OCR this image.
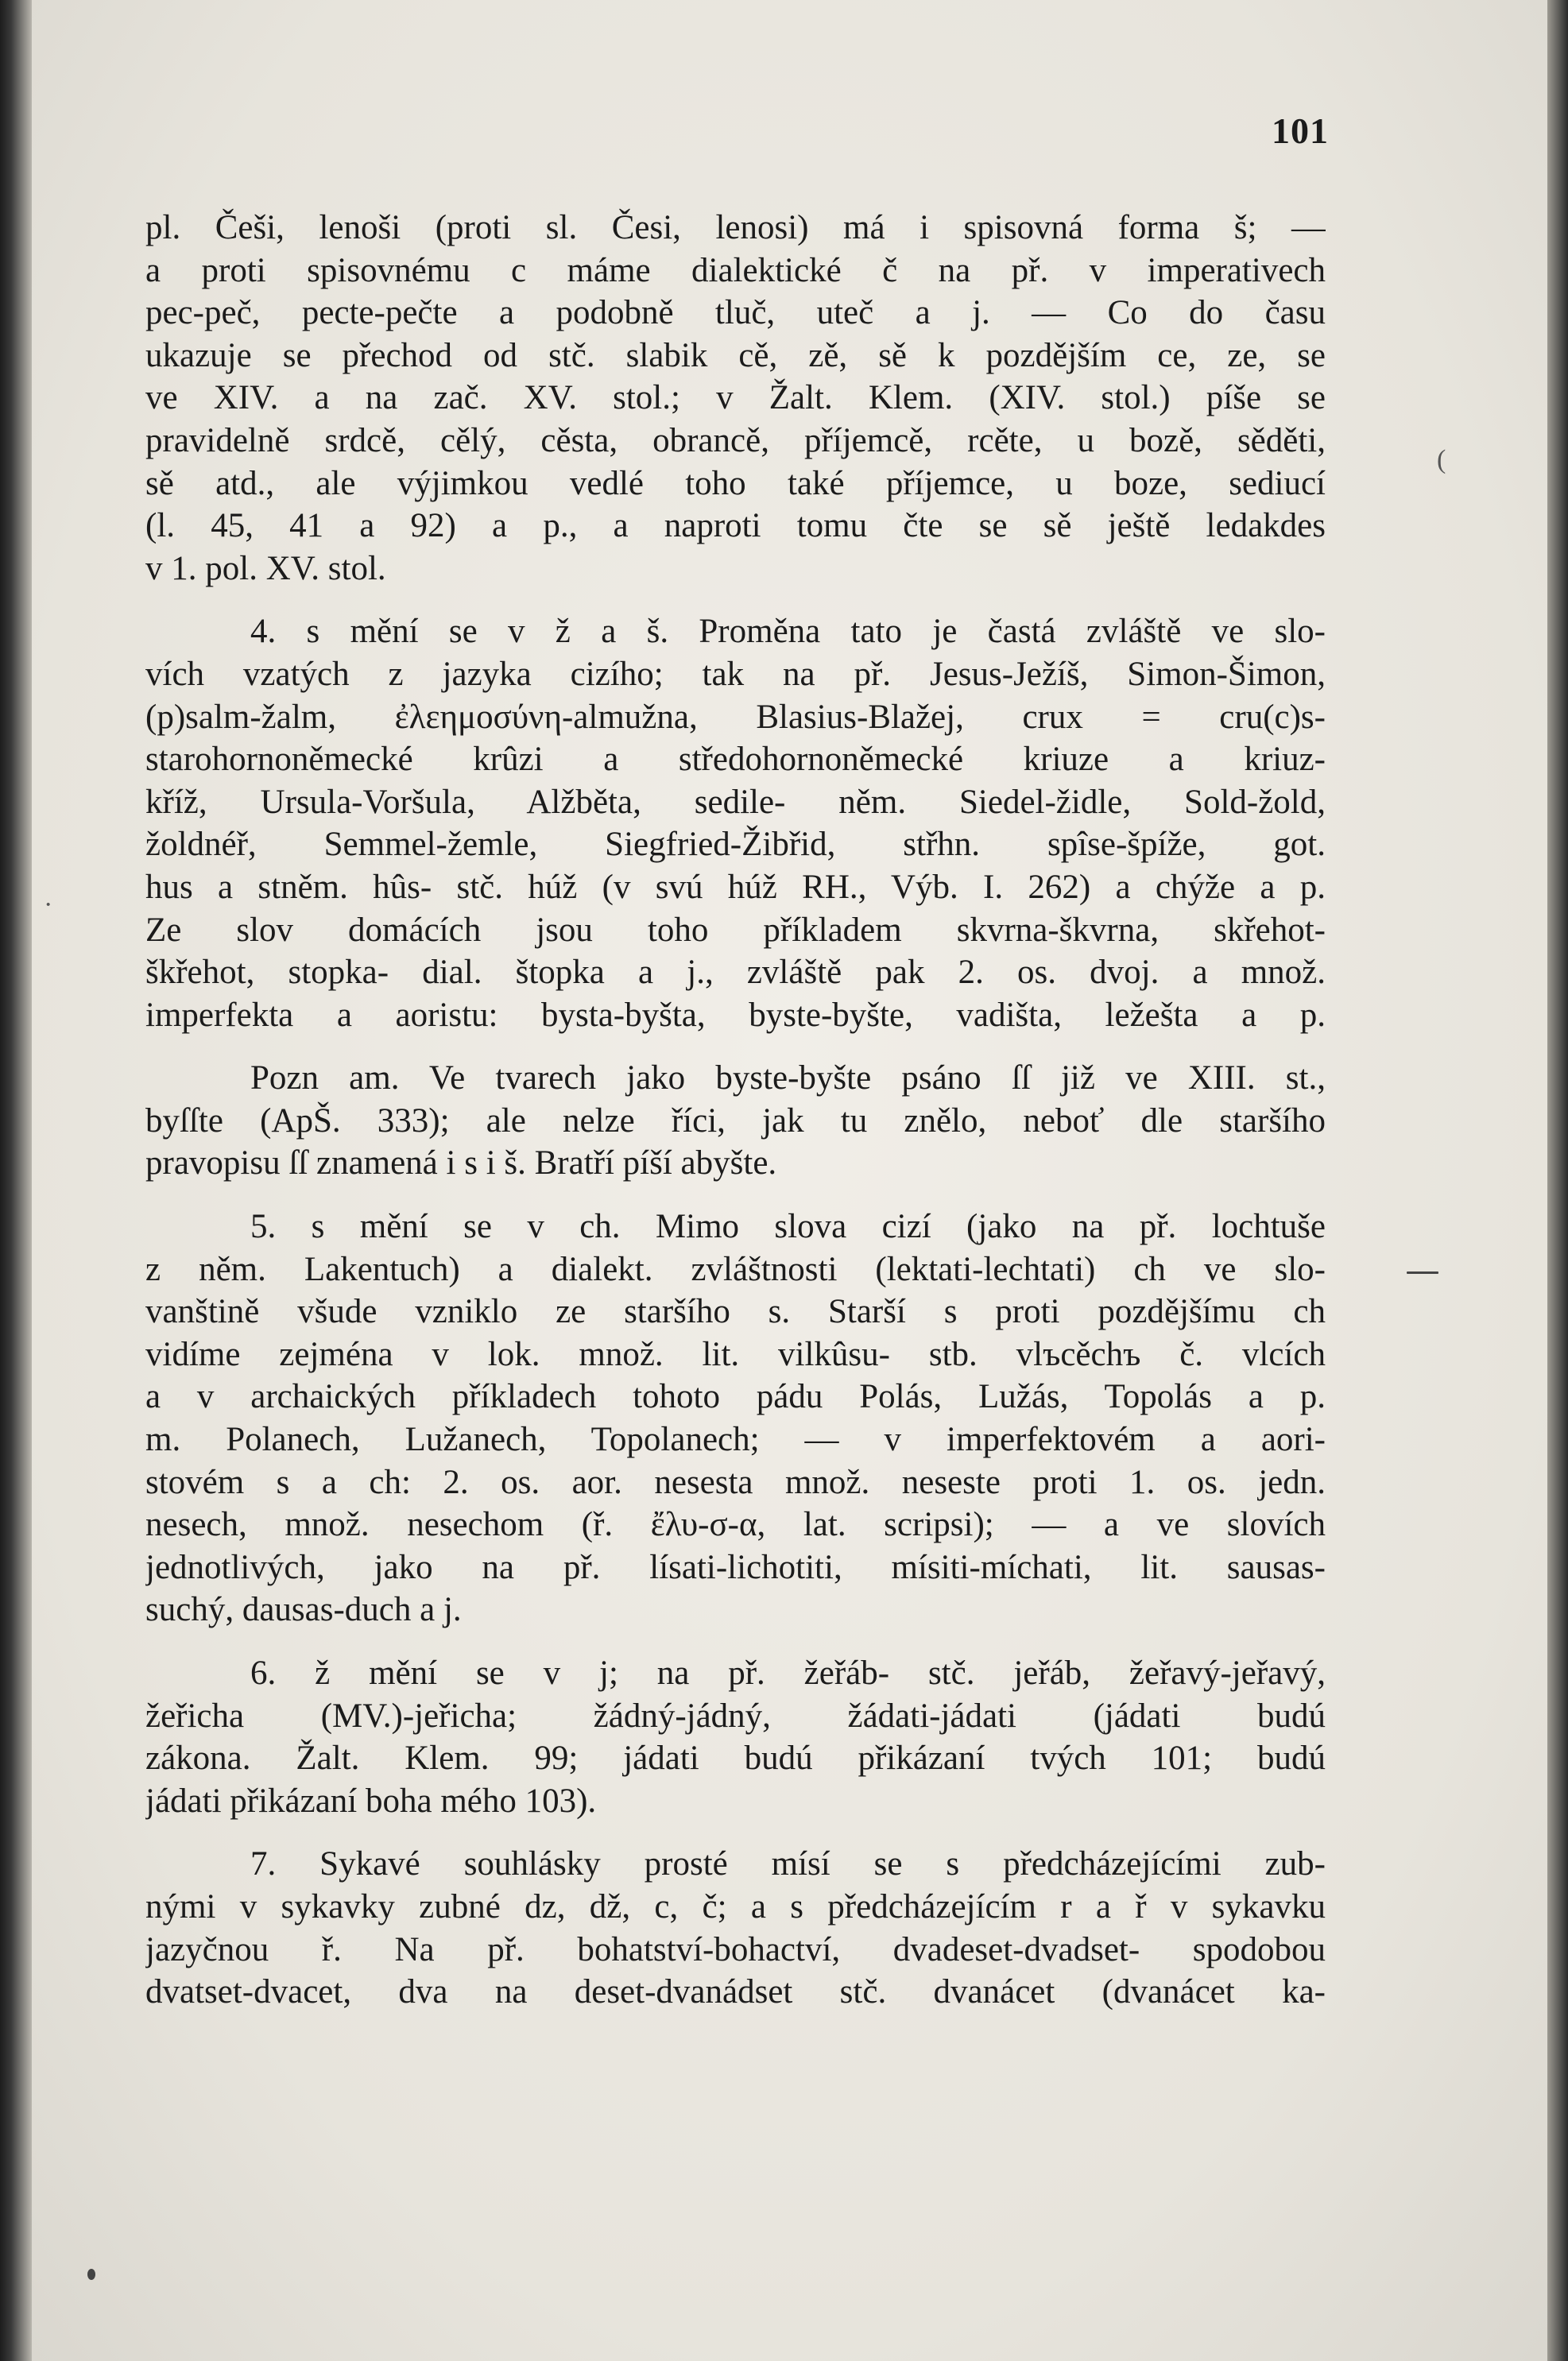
101
·
(
pl. Češi, lenoši (proti sl. Česi, lenosi) má i spisovná forma š; —
a proti spisovnému c máme dialektické č na př. v imperativech
pec-peč, pecte-pečte a podobně tluč, uteč a j. — Co do času
ukazuje se přechod od stč. slabik cě, zě, sě k pozdějším ce, ze, se
ve XIV. a na zač. XV. stol.; v Žalt. Klem. (XIV. stol.) píše se
pravidelně srdcě, cělý, cěsta, obrancě, příjemcě, rcěte, u bozě, sěděti,
sě atd., ale výjimkou vedlé toho také příjemce, u boze, sediucí
(l. 45, 41 a 92) a p., a naproti tomu čte se sě ještě ledakdes
v 1. pol. XV. stol.
4. s mění se v ž a š. Proměna tato je častá zvláště ve slo-
vích vzatých z jazyka cizího; tak na př. Jesus-Ježíš, Simon-Šimon,
(p)salm-žalm, ἐλεημοσύνη-almužna, Blasius-Blažej, crux = cru(c)s-
starohornoněmecké krûzi a středohornoněmecké kriuze a kriuz-
kříž, Ursula-Voršula, Alžběta, sedile- něm. Siedel-židle, Sold-žold,
žoldnéř, Semmel-žemle, Siegfried-Žibřid, střhn. spîse-špíže, got.
hus a stněm. hûs- stč. húž (v svú húž RH., Výb. I. 262) a chýže a p.
Ze slov domácích jsou toho příkladem skvrna-škvrna, skřehot-
škřehot, stopka- dial. štopka a j., zvláště pak 2. os. dvoj. a množ.
imperfekta a aoristu: bysta-byšta, byste-byšte, vadišta, ležešta a p.
Pozn am. Ve tvarech jako byste-byšte psáno ſſ již ve XIII. st.,
byſſte (ApŠ. 333); ale nelze říci, jak tu znělo, neboť dle staršího
pravopisu ſſ znamená i s i š. Bratří píší abyšte.
5. s mění se v ch. Mimo slova cizí (jako na př. lochtuše
z něm. Lakentuch) a dialekt. zvláštnosti (lektati-lechtati) ch ve slo-
vanštině všude vzniklo ze staršího s. Starší s proti pozdějšímu ch
vidíme zejména v lok. množ. lit. vilkûsu- stb. vlъcěchъ č. vlcích
a v archaických příkladech tohoto pádu Polás, Lužás, Topolás a p.
m. Polanech, Lužanech, Topolanech; — v imperfektovém a aori-
stovém s a ch: 2. os. aor. nesesta množ. neseste proti 1. os. jedn.
nesech, množ. nesechom (ř. ἔλυ-σ-α, lat. scripsi); — a ve slovích
jednotlivých, jako na př. lísati-lichotiti, mísiti-míchati, lit. sausas-
suchý, dausas-duch a j.
6. ž mění se v j; na př. žeřáb- stč. jeřáb, žeřavý-jeřavý,
žeřicha (MV.)-jeřicha; žádný-jádný, žádati-jádati (jádati budú
zákona. Žalt. Klem. 99; jádati budú přikázaní tvých 101; budú
jádati přikázaní boha mého 103).
7. Sykavé souhlásky prosté mísí se s předcházejícími zub-
nými v sykavky zubné dz, dž, c, č; a s předcházejícím r a ř v sykavku
jazyčnou ř. Na př. bohatství-bohactví, dvadeset-dvadset- spodobou
dvatset-dvacet, dva na deset-dvanádset stč. dvanácet (dvanácet ka-
